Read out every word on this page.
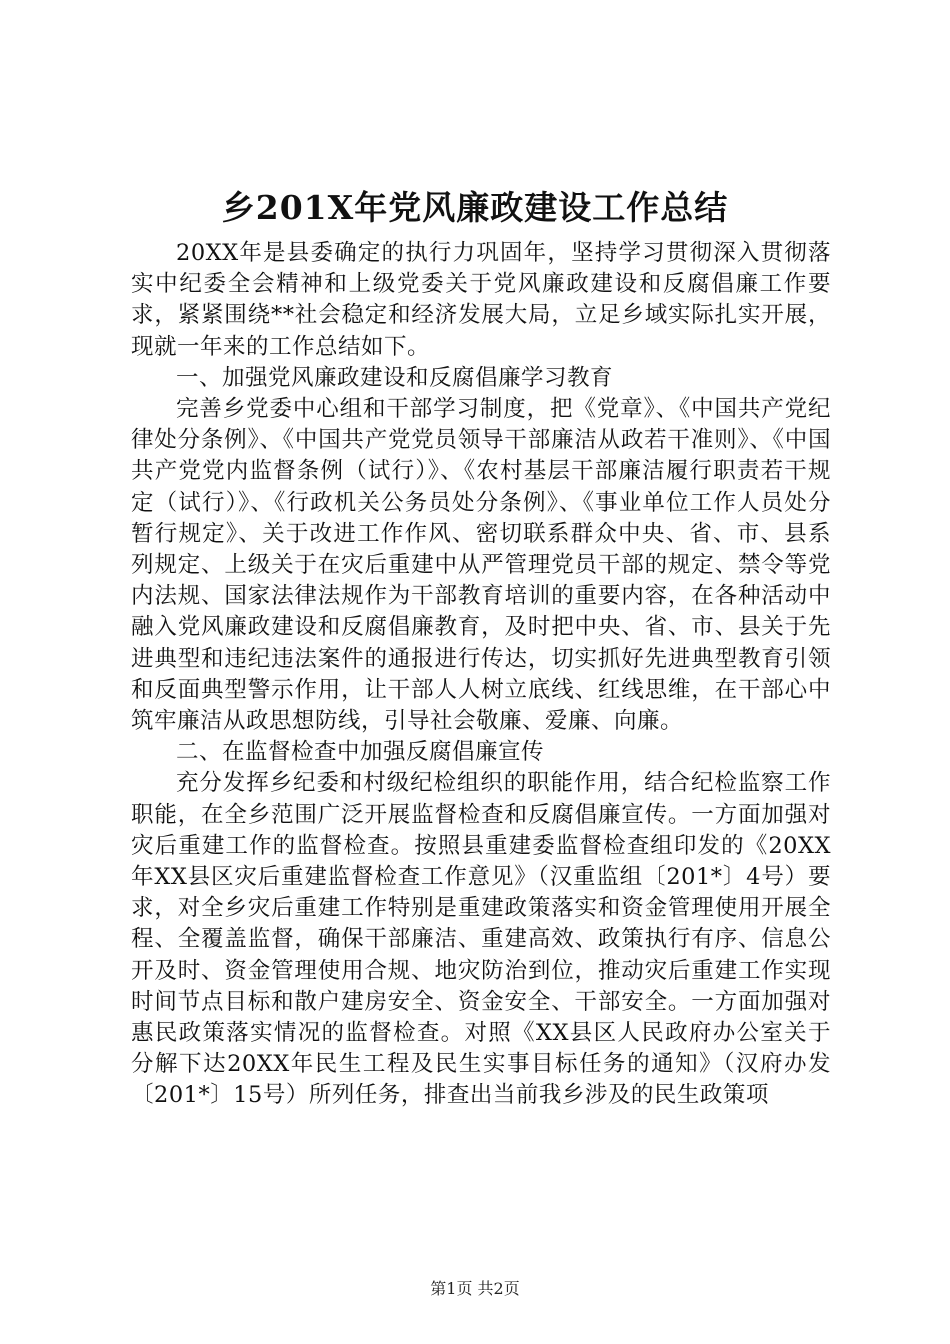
乡201X年党风廉政建设工作总结

20XX年是县委确定的执行力巩固年，坚持学习贯彻深入贯彻落实中纪委全会精神和上级党委关于党风廉政建设和反腐倡廉工作要求，紧紧围绕**社会稳定和经济发展大局，立足乡域实际扎实开展，现就一年来的工作总结如下。

一、加强党风廉政建设和反腐倡廉学习教育

完善乡党委中心组和干部学习制度，把《党章》、《中国共产党纪律处分条例》、《中国共产党党员领导干部廉洁从政若干准则》、《中国共产党党内监督条例（试行）》、《农村基层干部廉洁履行职责若干规定（试行）》、《行政机关公务员处分条例》、《事业单位工作人员处分暂行规定》、关于改进工作作风、密切联系群众中央、省、市、县系列规定、上级关于在灾后重建中从严管理党员干部的规定、禁令等党内法规、国家法律法规作为干部教育培训的重要内容，在各种活动中融入党风廉政建设和反腐倡廉教育，及时把中央、省、市、县关于先进典型和违纪违法案件的通报进行传达，切实抓好先进典型教育引领和反面典型警示作用，让干部人人树立底线、红线思维，在干部心中筑牢廉洁从政思想防线，引导社会敬廉、爱廉、向廉。

二、在监督检查中加强反腐倡廉宣传

充分发挥乡纪委和村级纪检组织的职能作用，结合纪检监察工作职能，在全乡范围广泛开展监督检查和反腐倡廉宣传。一方面加强对灾后重建工作的监督检查。按照县重建委监督检查组印发的《20XX年XX县区灾后重建监督检查工作意见》（汉重监组〔201*〕4号）要求，对全乡灾后重建工作特别是重建政策落实和资金管理使用开展全程、全覆盖监督，确保干部廉洁、重建高效、政策执行有序、信息公开及时、资金管理使用合规、地灾防治到位，推动灾后重建工作实现时间节点目标和散户建房安全、资金安全、干部安全。一方面加强对惠民政策落实情况的监督检查。对照《XX县区人民政府办公室关于分解下达20XX年民生工程及民生实事目标任务的通知》（汉府办发〔201*〕15号）所列任务，排查出当前我乡涉及的民生政策项

第1页 共2页
